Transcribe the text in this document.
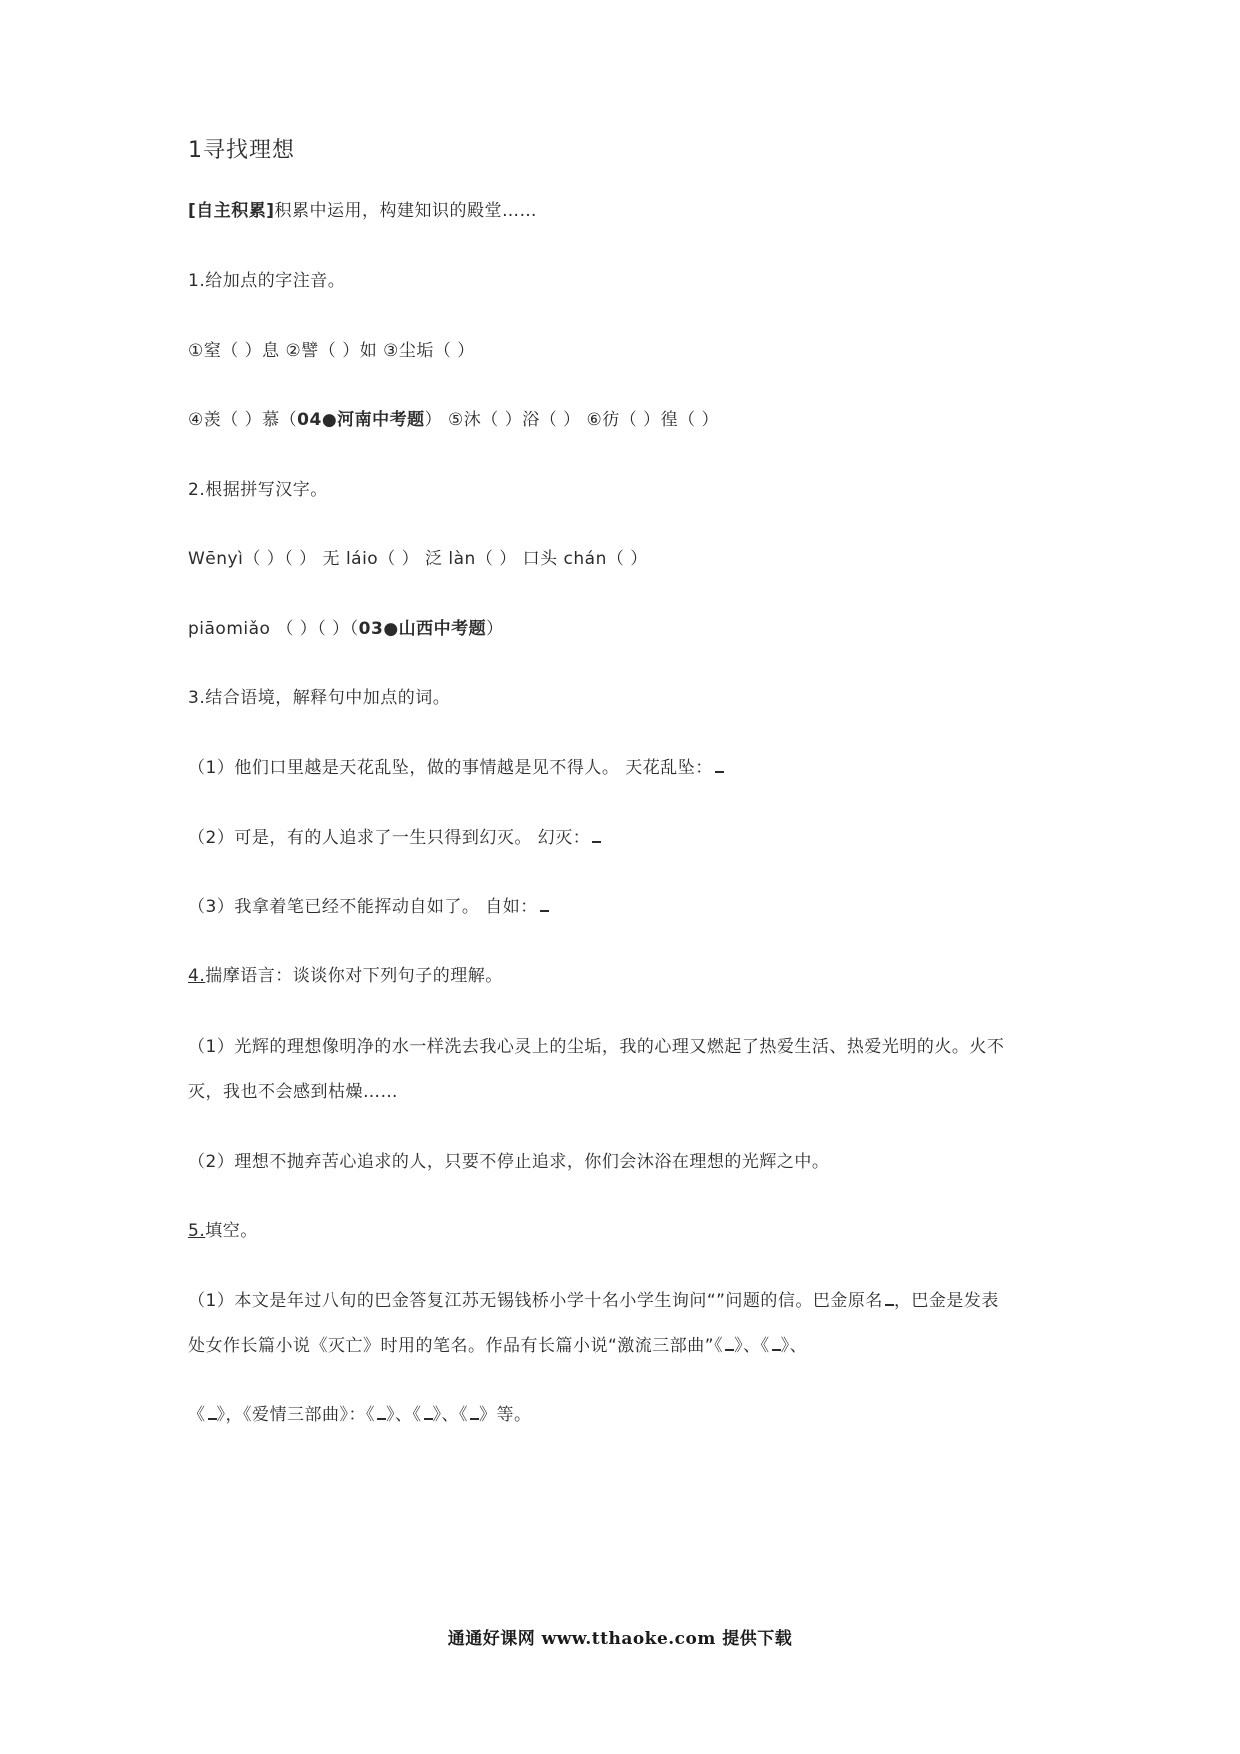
1寻找理想
[自主积累]积累中运用，构建知识的殿堂……
1.给加点的字注音。
①窒（ ）息 ②譬（ ）如 ③尘垢（ ）
④羡（ ）慕（04●河南中考题） ⑤沐（ ）浴（ ） ⑥彷（ ）徨（ ）
2.根据拼写汉字。
Wēnyì（ ）（ ） 无 láio（ ） 泛 làn（ ） 口头 chán（ ）
piāomiǎo （ ）（ ）（03●山西中考题）
3.结合语境，解释句中加点的词。
（1）他们口里越是天花乱坠，做的事情越是见不得人。 天花乱坠：
（2）可是，有的人追求了一生只得到幻灭。 幻灭：
（3）我拿着笔已经不能挥动自如了。 自如：
4.揣摩语言：谈谈你对下列句子的理解。
（1）光辉的理想像明净的水一样洗去我心灵上的尘垢，我的心理又燃起了热爱生活、热爱光明的火。火不
灭，我也不会感到枯燥……
（2）理想不抛弃苦心追求的人，只要不停止追求，你们会沐浴在理想的光辉之中。
5.填空。
（1）本文是年过八旬的巴金答复江苏无锡钱桥小学十名小学生询问“”问题的信。巴金原名 ，巴金是发表
处女作长篇小说《灭亡》时用的笔名。作品有长篇小说“激流三部曲”《 》、《 》、
《 》，《爱情三部曲》：《 》、《 》、《 》等。
通通好课网 www.tthaoke.com 提供下载
